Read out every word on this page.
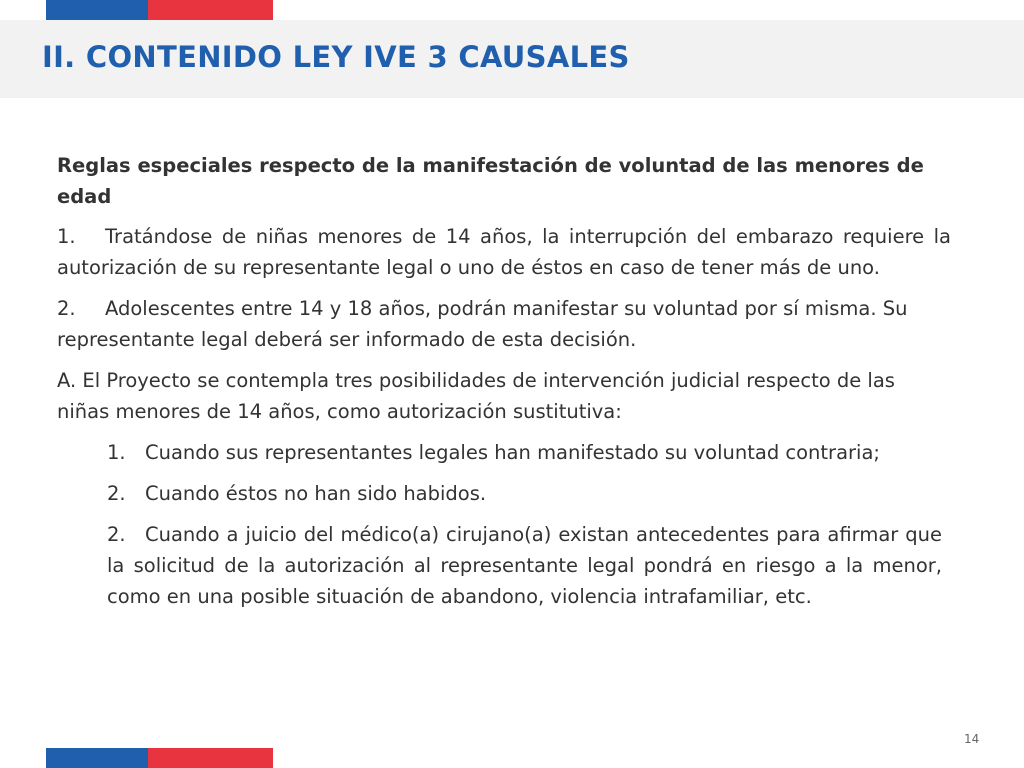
II. CONTENIDO LEY IVE 3 CAUSALES

Reglas especiales respecto de la manifestación de voluntad de las menores de edad

1. Tratándose de niñas menores de 14 años, la interrupción del embarazo requiere la autorización de su representante legal o uno de éstos en caso de tener más de uno.

2. Adolescentes entre 14 y 18 años, podrán manifestar su voluntad por sí misma. Su representante legal deberá ser informado de esta decisión.

A. El Proyecto se contempla tres posibilidades de intervención judicial respecto de las niñas menores de 14 años, como autorización sustitutiva:

1. Cuando sus representantes legales han manifestado su voluntad contraria;

2. Cuando éstos no han sido habidos.

2. Cuando a juicio del médico(a) cirujano(a) existan antecedentes para afirmar que la solicitud de la autorización al representante legal pondrá en riesgo a la menor, como en una posible situación de abandono, violencia intrafamiliar, etc.

14
